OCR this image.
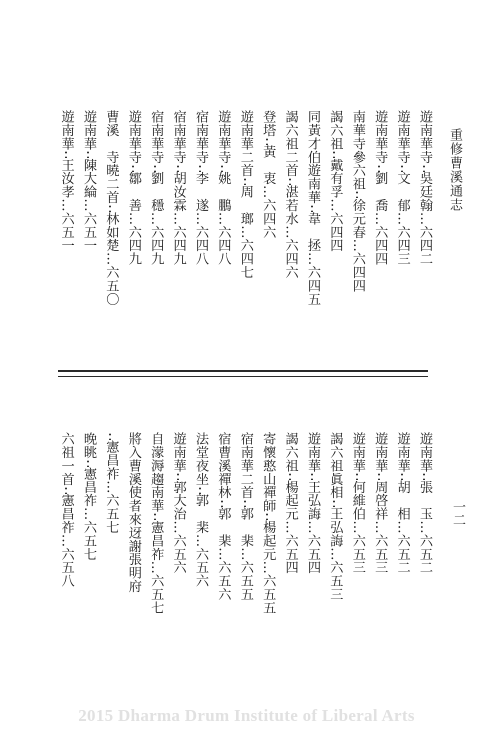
重修曹溪通志
一二
遊南華寺吳廷翰…六四二
遊南華寺文　郁…六四三
遊南華寺劉　喬…六四四
南華寺參六祖徐元春…六四四
謁六祖戴有孚…六四四
同黃才伯遊南華韋　拯…六四五
謁六祖二首湛若水…六四六
登塔黃　衷…六四六
遊南華二首周　瑯…六四七
遊南華寺姚　鵬…六四八
宿南華寺李　遂…六四八
宿南華寺胡汝霖…六四九
宿南華寺劉　穩…六四九
遊南華寺鄒　善…六四九
曹溪　寺曉二首林如楚…六五〇
遊南華陳大綸…六五一
遊南華王汝孝…六五一
遊南華張　玉…六五二
遊南華胡　相…六五二
遊南華周啓祥…六五三
遊南華何維伯…六五三
謁六祖眞相王弘誨…六五三
遊南華王弘誨…六五四
謁六祖楊起元…六五四
寄懷憨山禪師楊起元…六五五
宿南華二首郭　棐…六五五
宿曹溪禪林郭　棐…六五六
法堂夜坐郭　棐…六五六
遊南華郭大治…六五六
自濛溽趨南華憲昌祚…六五七
將入曹溪使者來迓謝張明府
憲昌祚…六五七
晚眺憲昌祚…六五七
六祖一首憲昌祚…六五八
2015 Dharma Drum Institute of Liberal Arts
